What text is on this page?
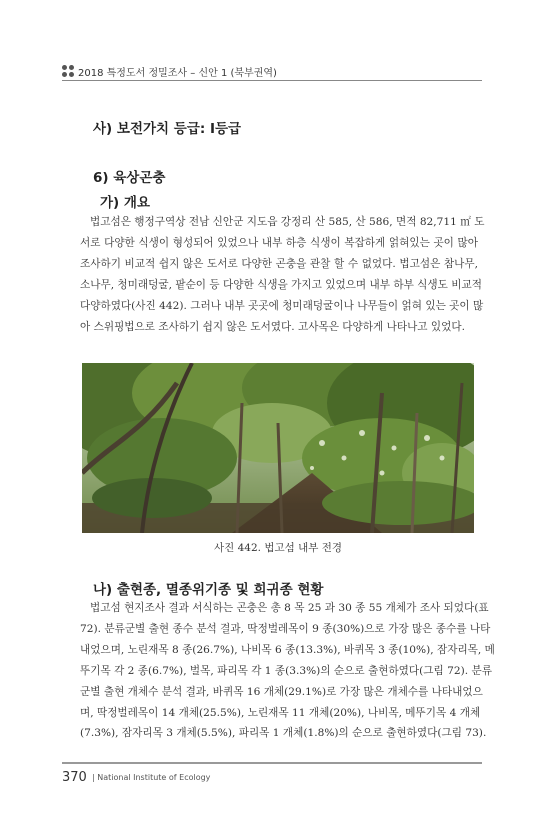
2018 특정도서 정밀조사 – 신안 1 (북부권역)
사) 보전가치 등급: Ⅰ등급
6) 육상곤충
가) 개요
법고섬은 행정구역상 전남 신안군 지도읍 강정리 산 585, 산 586, 면적 82,711 ㎡ 도
서로 다양한 식생이 형성되어 있었으나 내부 하층 식생이 복잡하게 얽혀있는 곳이 많아
조사하기 비교적 쉽지 않은 도서로 다양한 곤충을 관찰 할 수 없었다. 법고섬은 참나무,
소나무, 청미래덩굴, 팥순이 등 다양한 식생을 가지고 있었으며 내부 하부 식생도 비교적
다양하였다(사진 442). 그러나 내부 곳곳에 청미래덩굴이나 나무들이 얽혀 있는 곳이 많
아 스위핑법으로 조사하기 쉽지 않은 도서였다. 고사목은 다양하게 나타나고 있었다.
사진 442. 법고섬 내부 전경
나) 출현종, 멸종위기종 및 희귀종 현황
법고섬 현지조사 결과 서식하는 곤충은 총 8 목 25 과 30 종 55 개체가 조사 되었다(표
72). 분류군별 출현 종수 분석 결과, 딱정벌레목이 9 종(30%)으로 가장 많은 종수를 나타
내었으며, 노린재목 8 종(26.7%), 나비목 6 종(13.3%), 바퀴목 3 종(10%), 잠자리목, 메
뚜기목 각 2 종(6.7%), 벌목, 파리목 각 1 종(3.3%)의 순으로 출현하였다(그림 72). 분류
군별 출현 개체수 분석 결과, 바퀴목 16 개체(29.1%)로 가장 많은 개체수를 나타내었으
며, 딱정벌레목이 14 개체(25.5%), 노린재목 11 개체(20%), 나비목, 메뚜기목 4 개체
(7.3%), 잠자리목 3 개체(5.5%), 파리목 1 개체(1.8%)의 순으로 출현하였다(그림 73).
370 | National Institute of Ecology
